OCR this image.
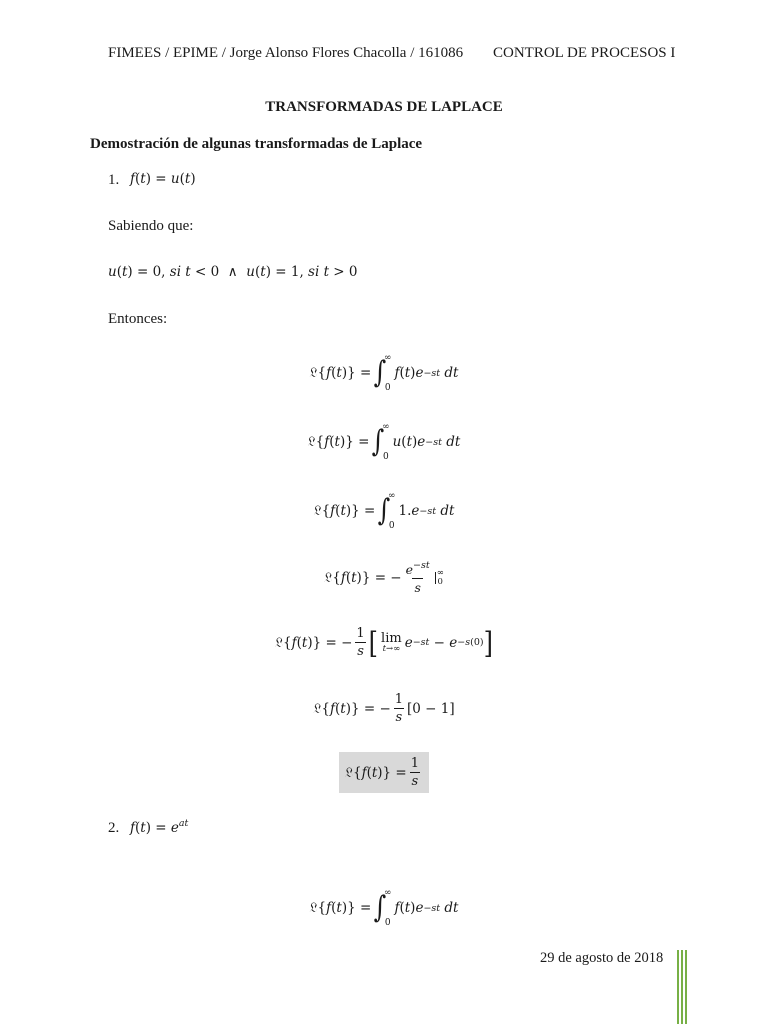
FIMEES / EPIME / Jorge Alonso Flores Chacolla / 161086 CONTROL DE PROCESOS I
TRANSFORMADAS DE LAPLACE
Demostración de algunas transformadas de Laplace
1. f(t) = u(t)
Sabiendo que:
u(t) = 0, si t < 0  ∧  u(t) = 1, si t > 0
Entonces:
𝔏{ f ( t )} = ∫
∞
0
f ( t ) e −st
dt
𝔏{ f ( t )} = ∫
∞
0
u ( t ) e −st
dt
𝔏{ f ( t )} = ∫
∞
0
1. e −st
dt
𝔏{ f ( t )} = − $\frac{e^{-st}}{s}$ ∞
0
𝔏{ f ( t )} = − $\frac{1}{s}$ [ lim
t→∞ e −st − e −s(0) ]
𝔏{ f ( t )} = − $\frac{1}{s} [0 - 1]$
𝔏{ f ( t )} = $\frac{1}{s}$
2. $f(t) = e^{at}$
𝔏{ f ( t )} = ∫
∞
0
f ( t ) e −st
dt
29 de agosto de 2018
